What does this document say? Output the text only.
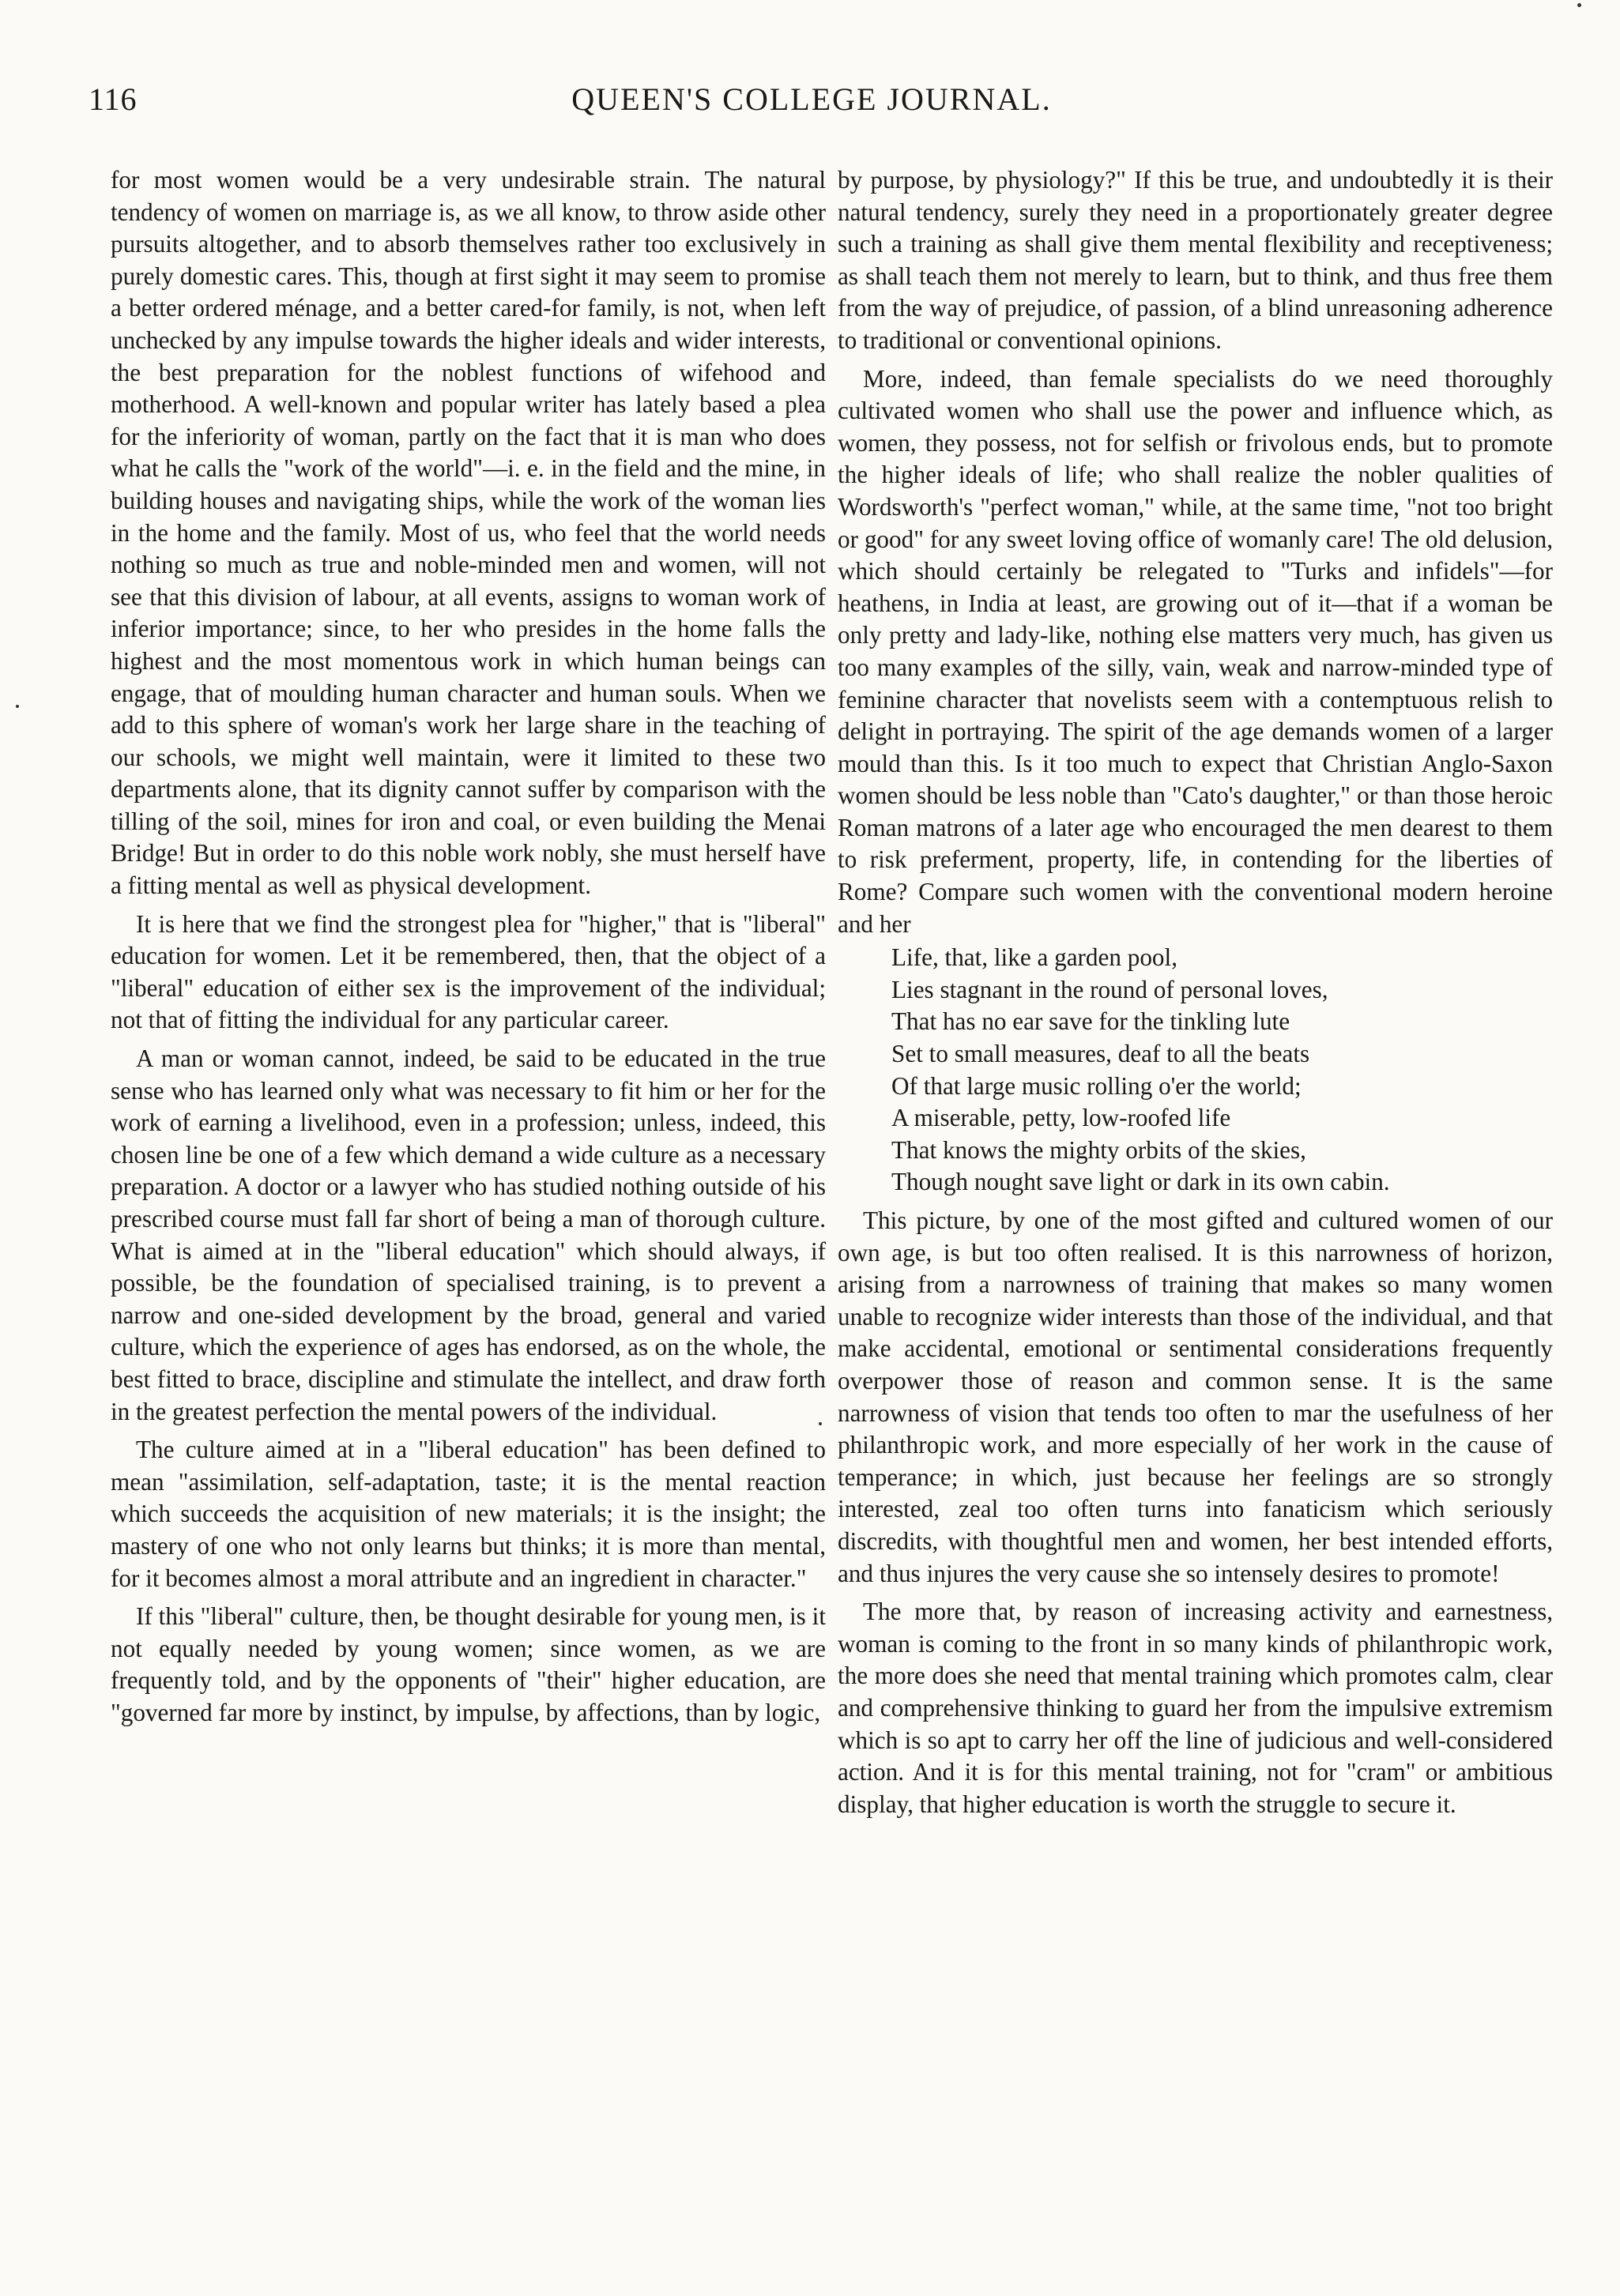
116	QUEEN'S COLLEGE JOURNAL.

for most women would be a very undesirable strain. The natural tendency of women on marriage is, as we all know, to throw aside other pursuits altogether, and to absorb themselves rather too exclusively in purely domestic cares. This, though at first sight it may seem to promise a better ordered ménage, and a better cared-for family, is not, when left unchecked by any impulse towards the higher ideals and wider interests, the best preparation for the noblest functions of wifehood and motherhood. A well-known and popular writer has lately based a plea for the inferiority of woman, partly on the fact that it is man who does what he calls the "work of the world"—i. e. in the field and the mine, in building houses and navigating ships, while the work of the woman lies in the home and the family. Most of us, who feel that the world needs nothing so much as true and noble-minded men and women, will not see that this division of labour, at all events, assigns to woman work of inferior importance; since, to her who presides in the home falls the highest and the most momentous work in which human beings can engage, that of moulding human character and human souls. When we add to this sphere of woman's work her large share in the teaching of our schools, we might well maintain, were it limited to these two departments alone, that its dignity cannot suffer by comparison with the tilling of the soil, mines for iron and coal, or even building the Menai Bridge! But in order to do this noble work nobly, she must herself have a fitting mental as well as physical development.

It is here that we find the strongest plea for "higher," that is "liberal" education for women. Let it be remembered, then, that the object of a "liberal" education of either sex is the improvement of the individual; not that of fitting the individual for any particular career.

A man or woman cannot, indeed, be said to be educated in the true sense who has learned only what was necessary to fit him or her for the work of earning a livelihood, even in a profession; unless, indeed, this chosen line be one of a few which demand a wide culture as a necessary preparation. A doctor or a lawyer who has studied nothing outside of his prescribed course must fall far short of being a man of thorough culture. What is aimed at in the "liberal education" which should always, if possible, be the foundation of specialised training, is to prevent a narrow and one-sided development by the broad, general and varied culture, which the experience of ages has endorsed, as on the whole, the best fitted to brace, discipline and stimulate the intellect, and draw forth in the greatest perfection the mental powers of the individual.

The culture aimed at in a "liberal education" has been defined to mean "assimilation, self-adaptation, taste; it is the mental reaction which succeeds the acquisition of new materials; it is the insight; the mastery of one who not only learns but thinks; it is more than mental, for it becomes almost a moral attribute and an ingredient in character."

If this "liberal" culture, then, be thought desirable for young men, is it not equally needed by young women; since women, as we are frequently told, and by the opponents of "their" higher education, are "governed far more by instinct, by impulse, by affections, than by logic,

by purpose, by physiology?" If this be true, and undoubtedly it is their natural tendency, surely they need in a proportionately greater degree such a training as shall give them mental flexibility and receptiveness; as shall teach them not merely to learn, but to think, and thus free them from the way of prejudice, of passion, of a blind unreasoning adherence to traditional or conventional opinions.

More, indeed, than female specialists do we need thoroughly cultivated women who shall use the power and influence which, as women, they possess, not for selfish or frivolous ends, but to promote the higher ideals of life; who shall realize the nobler qualities of Wordsworth's "perfect woman," while, at the same time, "not too bright or good" for any sweet loving office of womanly care! The old delusion, which should certainly be relegated to "Turks and infidels"—for heathens, in India at least, are growing out of it—that if a woman be only pretty and lady-like, nothing else matters very much, has given us too many examples of the silly, vain, weak and narrow-minded type of feminine character that novelists seem with a contemptuous relish to delight in portraying. The spirit of the age demands women of a larger mould than this. Is it too much to expect that Christian Anglo-Saxon women should be less noble than "Cato's daughter," or than those heroic Roman matrons of a later age who encouraged the men dearest to them to risk preferment, property, life, in contending for the liberties of Rome? Compare such women with the conventional modern heroine and her

Life, that, like a garden pool,
Lies stagnant in the round of personal loves,
That has no ear save for the tinkling lute
Set to small measures, deaf to all the beats
Of that large music rolling o'er the world;
A miserable, petty, low-roofed life
That knows the mighty orbits of the skies,
Though nought save light or dark in its own cabin.

This picture, by one of the most gifted and cultured women of our own age, is but too often realised. It is this narrowness of horizon, arising from a narrowness of training that makes so many women unable to recognize wider interests than those of the individual, and that make accidental, emotional or sentimental considerations frequently overpower those of reason and common sense. It is the same narrowness of vision that tends too often to mar the usefulness of her philanthropic work, and more especially of her work in the cause of temperance; in which, just because her feelings are so strongly interested, zeal too often turns into fanaticism which seriously discredits, with thoughtful men and women, her best intended efforts, and thus injures the very cause she so intensely desires to promote!

The more that, by reason of increasing activity and earnestness, woman is coming to the front in so many kinds of philanthropic work, the more does she need that mental training which promotes calm, clear and comprehensive thinking to guard her from the impulsive extremism which is so apt to carry her off the line of judicious and well-considered action. And it is for this mental training, not for "cram" or ambitious display, that higher education is worth the struggle to secure it.
